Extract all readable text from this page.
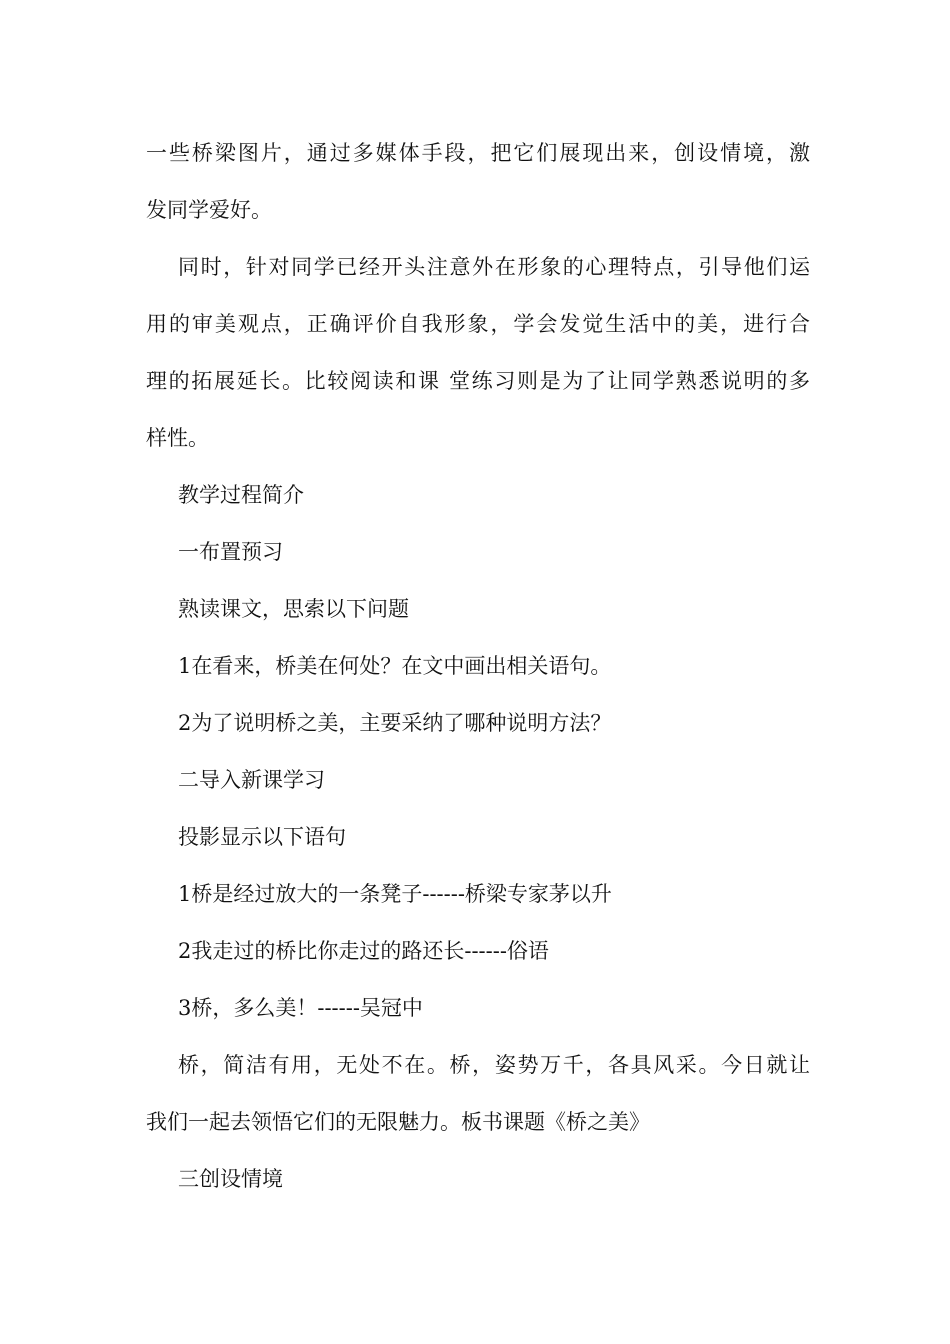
一些桥梁图片，通过多媒体手段，把它们展现出来，创设情境，激
发同学爱好。
同时，针对同学已经开头注意外在形象的心理特点，引导他们运
用的审美观点，正确评价自我形象，学会发觉生活中的美，进行合
理的拓展延长。比较阅读和课 堂练习则是为了让同学熟悉说明的多
样性。
教学过程简介
一布置预习
熟读课文，思索以下问题
1在看来，桥美在何处？在文中画出相关语句。
2为了说明桥之美，主要采纳了哪种说明方法？
二导入新课学习
投影显示以下语句
1桥是经过放大的一条凳子------桥梁专家茅以升
2我走过的桥比你走过的路还长------俗语
3桥，多么美！------吴冠中
桥，简洁有用，无处不在。桥，姿势万千，各具风采。今日就让
我们一起去领悟它们的无限魅力。板书课题《桥之美》
三创设情境
